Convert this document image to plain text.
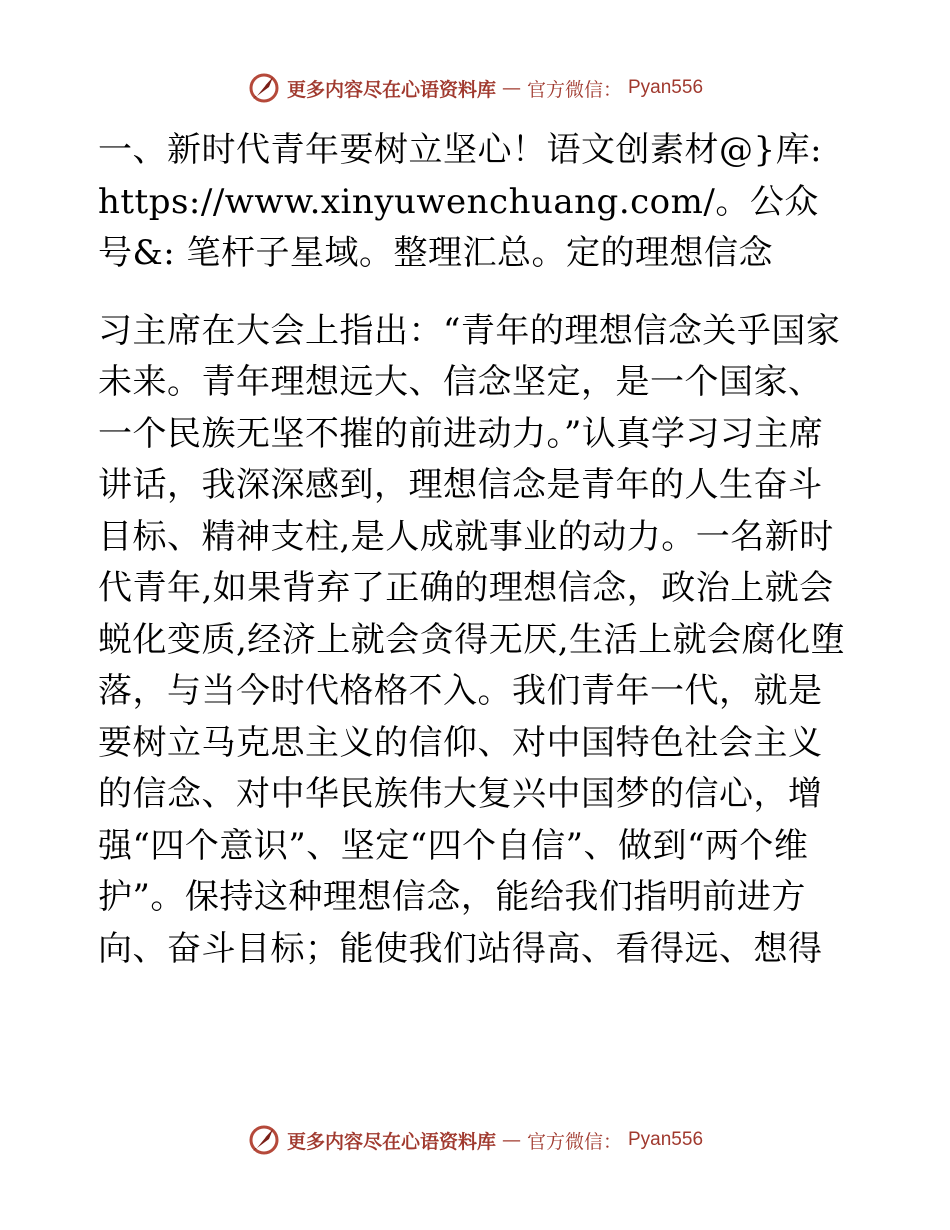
更多内容尽在心语资料库 — 官方微信： Pyan556

一、新时代青年要树立坚心！语文创素材@}库: https://www.xinyuwenchuang.com/。公众号&: 笔杆子星域。整理汇总。定的理想信念

习主席在大会上指出：“青年的理想信念关乎国家未来。青年理想远大、信念坚定，是一个国家、一个民族无坚不摧的前进动力。”认真学习习主席讲话，我深深感到，理想信念是青年的人生奋斗目标、精神支柱,是人成就事业的动力。一名新时代青年,如果背弃了正确的理想信念，政治上就会蜕化变质,经济上就会贪得无厌,生活上就会腐化堕落，与当今时代格格不入。我们青年一代，就是要树立马克思主义的信仰、对中国特色社会主义的信念、对中华民族伟大复兴中国梦的信心，增强“四个意识”、坚定“四个自信”、做到“两个维护”。保持这种理想信念，能给我们指明前进方向、奋斗目标；能使我们站得高、看得远、想得

更多内容尽在心语资料库 — 官方微信： Pyan556
